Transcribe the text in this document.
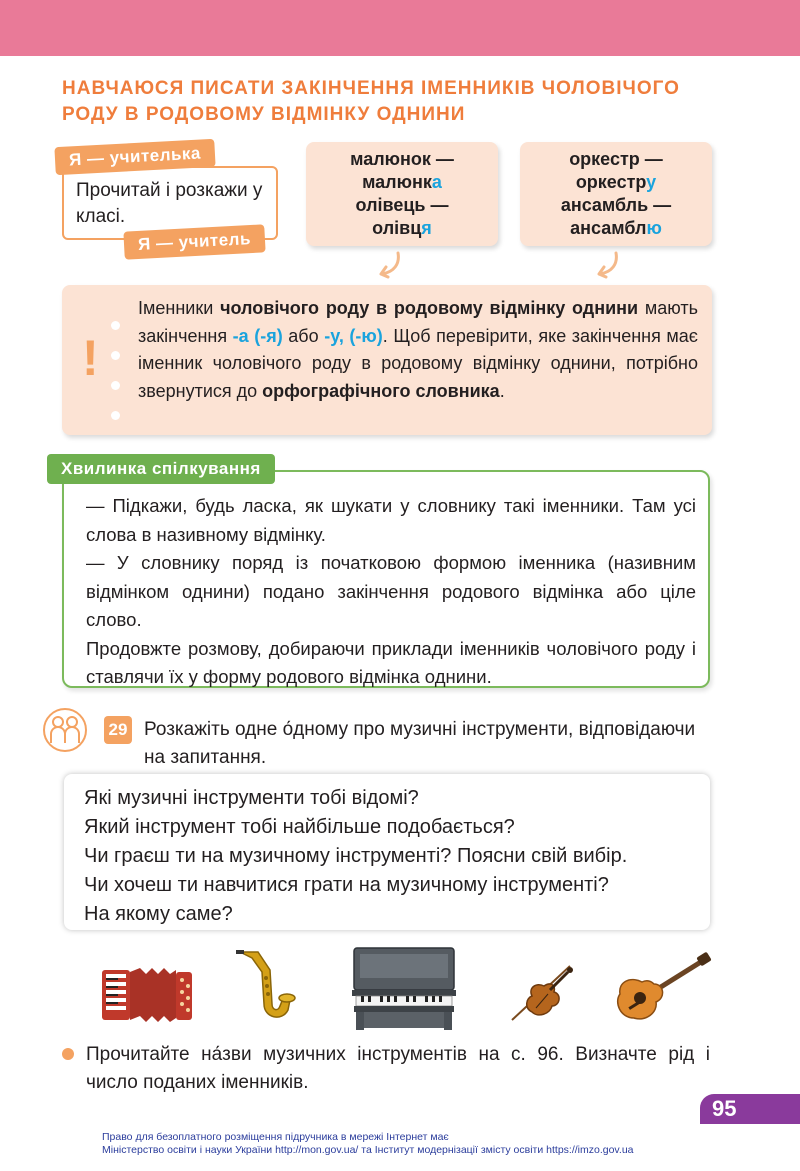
НАВЧАЮСЯ ПИСАТИ ЗАКІНЧЕННЯ ІМЕННИКІВ ЧОЛОВІЧОГО РОДУ В РОДОВОМУ ВІДМІНКУ ОДНИНИ
Прочитай і розкажи у класі.
Я — учителька
Я — учитель
малюнок —
малюнка
олівець —
олівця
оркестр —
оркестру
ансамбль —
ансамблю
!
Іменники чоловічого роду в родовому відмінку однини мають закінчення -а (-я) або -у, (-ю). Щоб перевірити, яке закінчення має іменник чоловічого роду в родовому відмінку однини, потрібно звернутися до орфографічного словника.
Хвилинка спілкування

— Підкажи, будь ласка, як шукати у словнику такі іменники. Там усі слова в називному відмінку.

— У словнику поряд із початковою формою іменника (називним відмінком однини) подано закінчення родового відмінка або ціле слово.

Продовжте розмову, добираючи приклади іменників чоловічого роду і ставлячи їх у форму родового відмінка однини.

29 Розкажіть одне о́дному про музичні інструменти, відповідаючи на запитання.
Які музичні інструменти тобі відомі?
Який інструмент тобі найбільше подобається?
Чи граєш ти на музичному інструменті? Поясни свій вибір.
Чи хочеш ти навчитися грати на музичному інструменті?
На якому саме?
Прочитайте на́зви музичних інструментів на с. 96. Визначте рід і число поданих іменників.
95
Право для безоплатного розміщення підручника в мережі Інтернет має
Міністерство освіти і науки України http://mon.gov.ua/ та Інститут модернізації змісту освіти https://imzo.gov.ua
